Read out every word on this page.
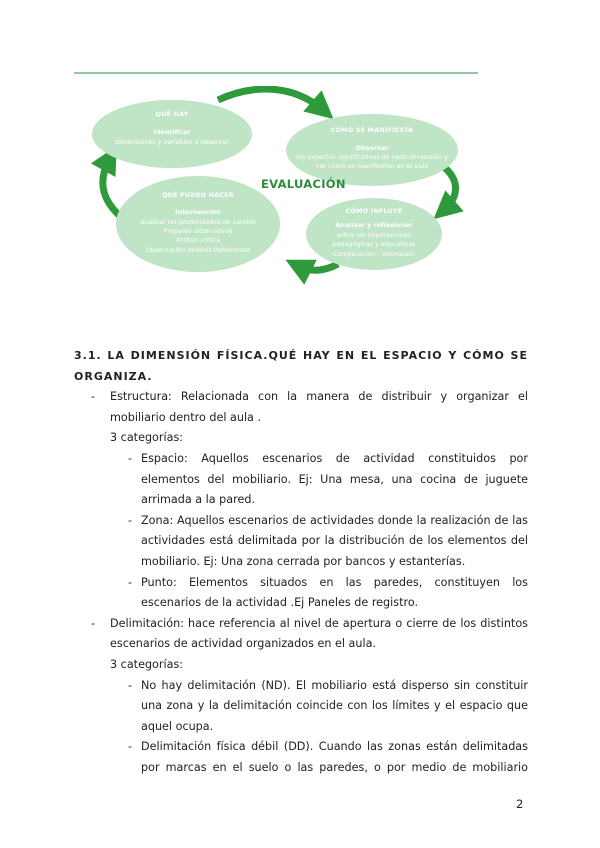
EVALUACIÓN
QUÉ HAY
Identificar
dimensiones y variables a observar
CÓMO SE MANIFIESTA
Observar
los aspectos significativos de cada dimensión y
ver cómo se manifiestan en el aula
QUÉ PUEDO HACER
Intervención
Analizar las posibilidades de cambio
Proponer alternativas
Actitud crítica
Observación Análisis Reflexiones
CÓMO INFLUYE
Analizar y reflexionar
sobre las implicaciones
pedagógicas y educativas
Comparación - Valoración

3.1. LA DIMENSIÓN FÍSICA.QUÉ HAY EN EL ESPACIO Y CÓMO SE ORGANIZA.

- Estructura: Relacionada con la manera de distribuir y organizar el mobiliario dentro del aula .

3 categorías:

- Espacio: Aquellos escenarios de actividad constituidos por elementos del mobiliario. Ej: Una mesa, una cocina de juguete arrimada a la pared.

- Zona: Aquellos escenarios de actividades donde la realización de las actividades está delimitada por la distribución de los elementos del mobiliario. Ej: Una zona cerrada por bancos y estanterías.

- Punto: Elementos situados en las paredes, constituyen los escenarios de la actividad .Ej Paneles de registro.

- Delimitación: hace referencia al nivel de apertura o cierre de los distintos escenarios de actividad organizados en el aula.

3 categorías:

- No hay delimitación (ND). El mobiliario está disperso sin constituir una zona y la delimitación coincide con los límites y el espacio que aquel ocupa.

- Delimitación física débil (DD). Cuando las zonas están delimitadas por marcas en el suelo o las paredes, o por medio de mobiliario

2
